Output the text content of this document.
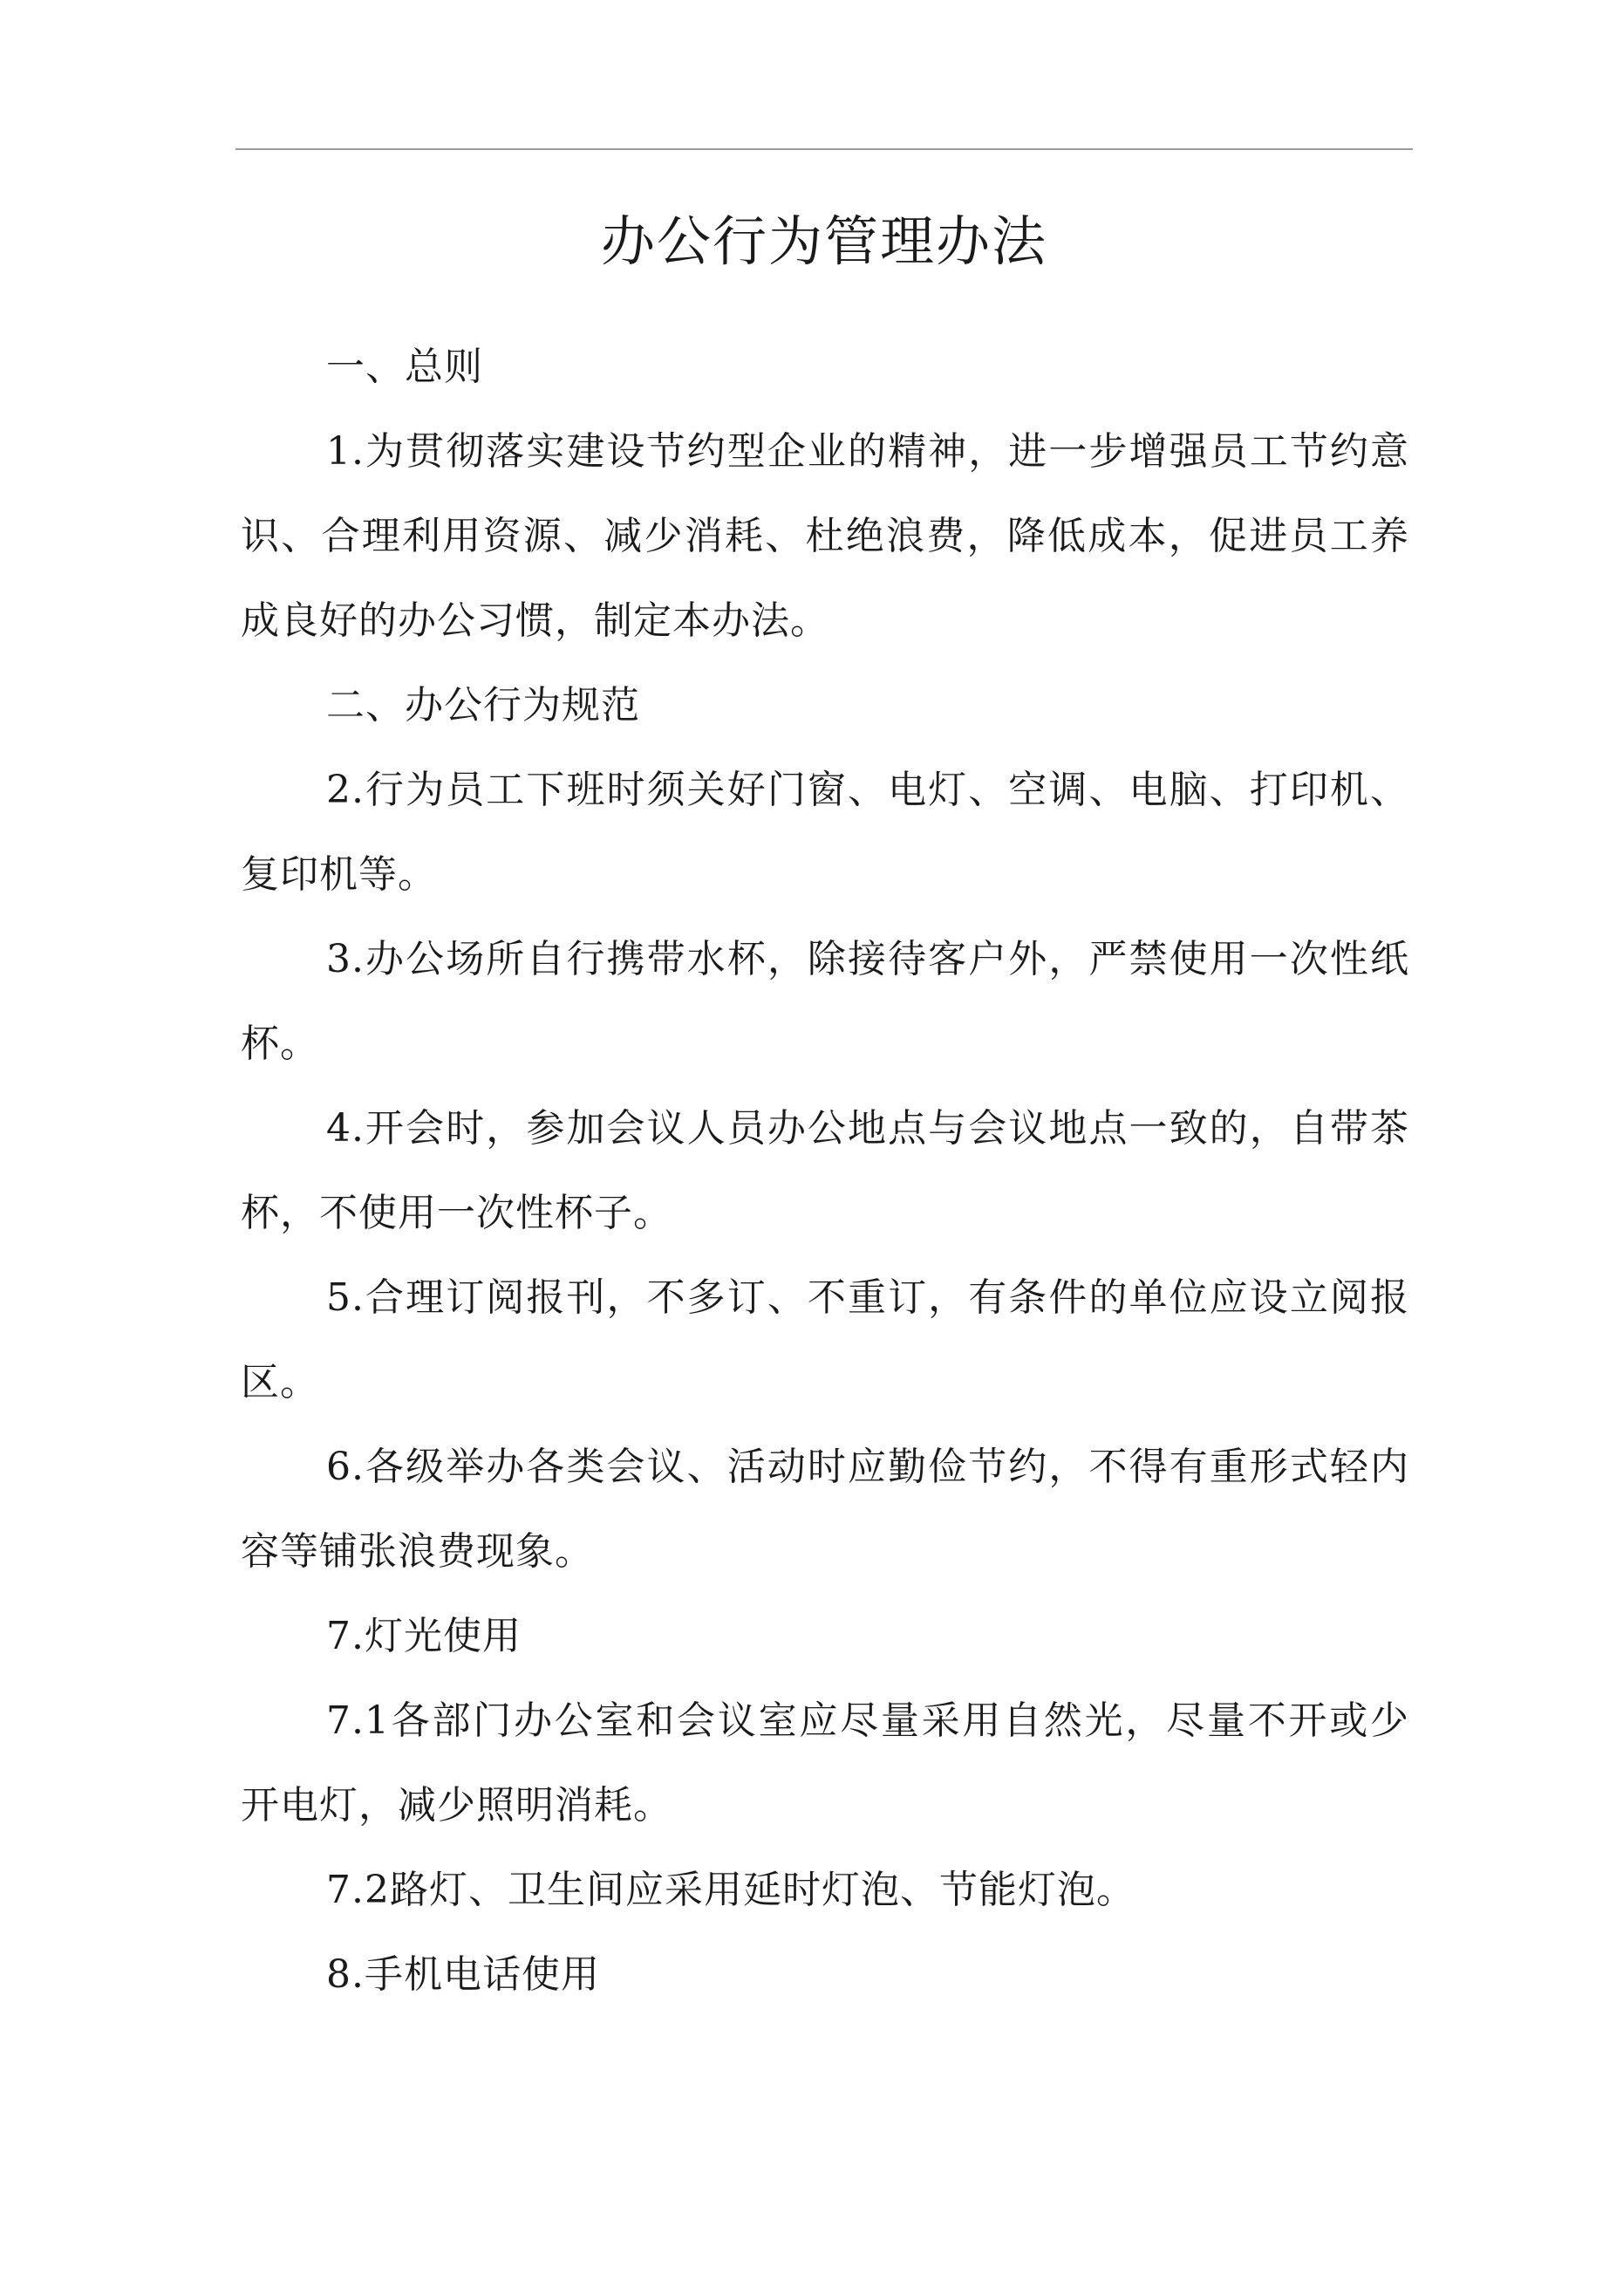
办公行为管理办法

一、总则

1.为贯彻落实建设节约型企业的精神，进一步增强员工节约意识、合理利用资源、减少消耗、杜绝浪费，降低成本，促进员工养成良好的办公习惯，制定本办法。

二、办公行为规范

2.行为员工下班时须关好门窗、电灯、空调、电脑、打印机、复印机等。

3.办公场所自行携带水杯，除接待客户外，严禁使用一次性纸杯。

4.开会时，参加会议人员办公地点与会议地点一致的，自带茶杯，不使用一次性杯子。

5.合理订阅报刊，不多订、不重订，有条件的单位应设立阅报区。

6.各级举办各类会议、活动时应勤俭节约，不得有重形式轻内容等铺张浪费现象。

7.灯光使用

7.1各部门办公室和会议室应尽量采用自然光，尽量不开或少开电灯，减少照明消耗。

7.2路灯、卫生间应采用延时灯泡、节能灯泡。

8.手机电话使用
